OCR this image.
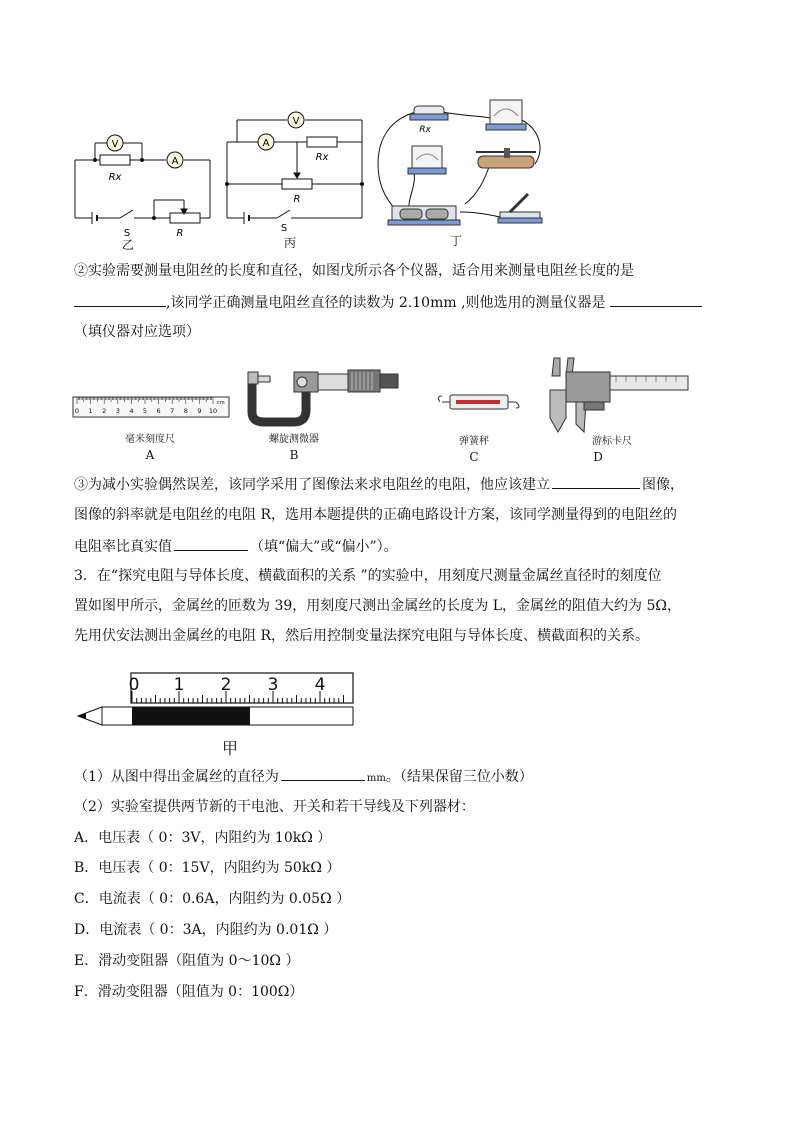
V
A
Rx
S	R
乙
V
A
Rx
R
S
丙
Rx
丁
②实验需要测量电阻丝的长度和直径，如图戊所示各个仪器，适合用来测量电阻丝长度的是
,该同学正确测量电阻丝直径的读数为 2.10mm ,则他选用的测量仪器是
（填仪器对应选项）
0 1 2 3 4 5 6 7 8 9 10
cm
毫米刻度尺
A
螺旋测微器
B
弹簧秤
C
游标卡尺
D
③为减小实验偶然误差，该同学采用了图像法来求电阻丝的电阻，他应该建立	图像，
图像的斜率就是电阻丝的电阻 R，选用本题提供的正确电路设计方案，该同学测量得到的电阻丝的
电阻率比真实值	（填“偏大”或“偏小”）。
3．在“探究电阻与导体长度、横截面积的关系 ”的实验中，用刻度尺测量金属丝直径时的刻度位
置如图甲所示，金属丝的匝数为 39，用刻度尺测出金属丝的长度为 L，金属丝的阻值大约为 5Ω，
先用伏安法测出金属丝的电阻 R，然后用控制变量法探究电阻与导体长度、横截面积的关系。
0 1 2 3 4
甲
（1）从图中得出金属丝的直径为	mm。（结果保留三位小数）
（2）实验室提供两节新的干电池、开关和若干导线及下列器材：
A．电压表（ 0：3V，内阻约为 10kΩ ）
B．电压表（ 0：15V，内阻约为 50kΩ ）
C．电流表（ 0：0.6A，内阻约为 0.05Ω ）
D．电流表（ 0：3A，内阻约为 0.01Ω ）
E．滑动变阻器（阻值为 0～10Ω ）
F．滑动变阻器（阻值为 0：100Ω）
